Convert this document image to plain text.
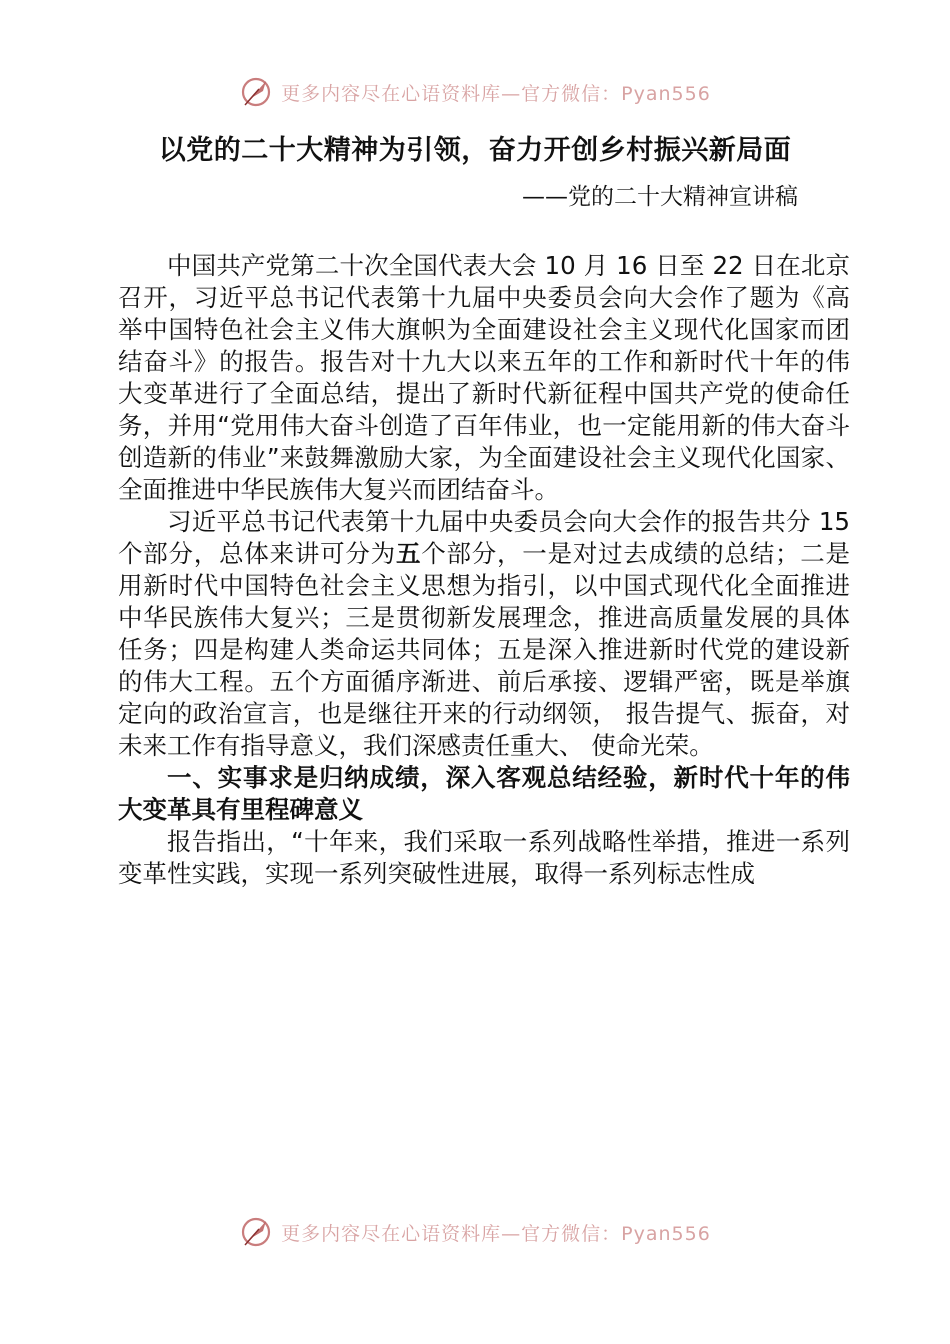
更多内容尽在心语资料库—官方微信：Pyan556
以党的二十大精神为引领，奋力开创乡村振兴新局面
——党的二十大精神宣讲稿

中国共产党第二十次全国代表大会 10 月 16 日至 22 日在北京召开，习近平总书记代表第十九届中央委员会向大会作了题为《高举中国特色社会主义伟大旗帜为全面建设社会主义现代化国家而团结奋斗》的报告。报告对十九大以来五年的工作和新时代十年的伟大变革进行了全面总结，提出了新时代新征程中国共产党的使命任务，并用“党用伟大奋斗创造了百年伟业，也一定能用新的伟大奋斗创造新的伟业”来鼓舞激励大家，为全面建设社会主义现代化国家、全面推进中华民族伟大复兴而团结奋斗。

习近平总书记代表第十九届中央委员会向大会作的报告共分 15 个部分，总体来讲可分为五个部分，一是对过去成绩的总结；二是用新时代中国特色社会主义思想为指引，以中国式现代化全面推进中华民族伟大复兴；三是贯彻新发展理念，推进高质量发展的具体任务；四是构建人类命运共同体；五是深入推进新时代党的建设新的伟大工程。五个方面循序渐进、前后承接、逻辑严密，既是举旗定向的政治宣言，也是继往开来的行动纲领， 报告提气、振奋，对未来工作有指导意义，我们深感责任重大、 使命光荣。

一、实事求是归纳成绩，深入客观总结经验，新时代十年的伟大变革具有里程碑意义

报告指出，“十年来，我们采取一系列战略性举措，推进一系列变革性实践，实现一系列突破性进展，取得一系列标志性成

更多内容尽在心语资料库—官方微信：Pyan556
